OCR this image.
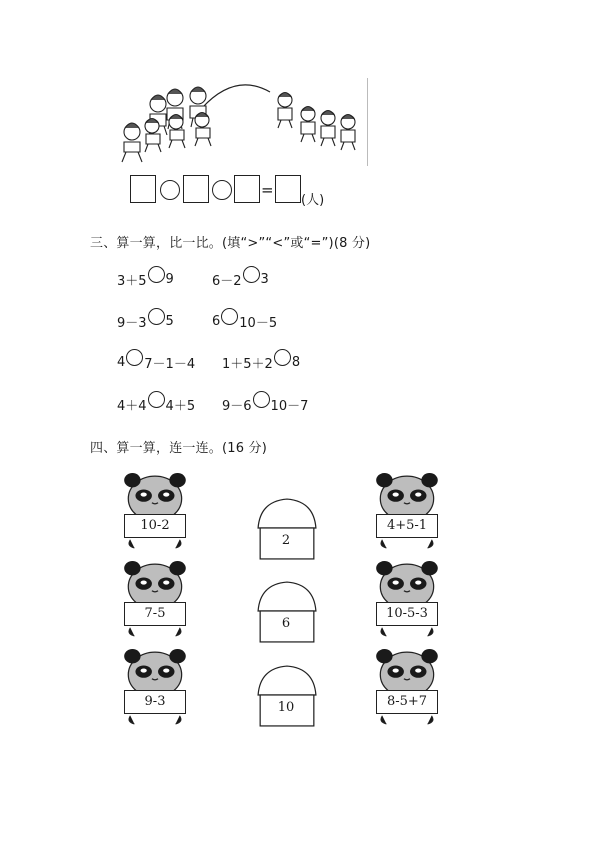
=
(人)
三、算一算，比一比。(填“>”“<”或“=”)(8 分)
3＋5 9	6－2 3
9－3 5	6 10－5
4 7－1－4 1＋5＋2 8
4＋4 4＋5 9－6 10－7
四、算一算，连一连。(16 分)
10-2
7-5
9-3
2
6
10
4+5-1
10-5-3
8-5+7
